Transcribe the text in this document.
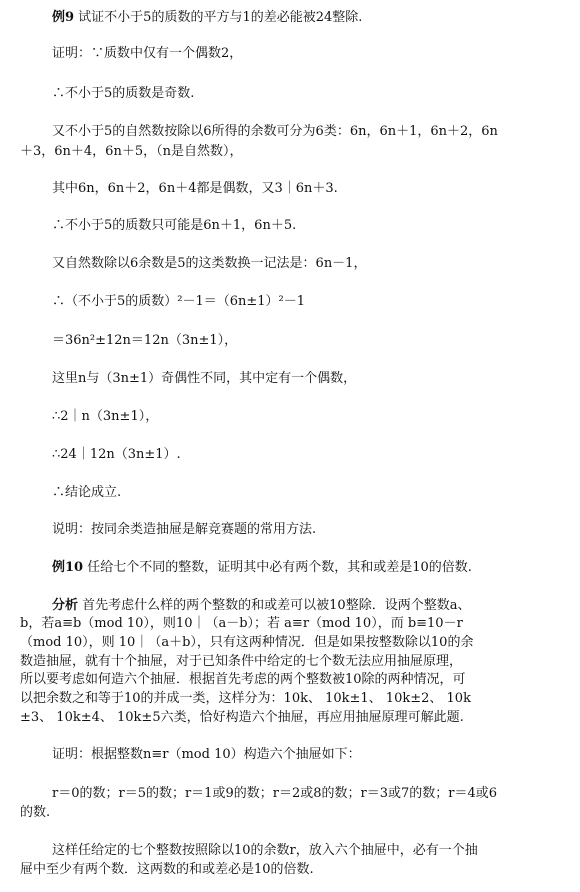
例9 试证不小于5的质数的平方与1的差必能被24整除.
证明：∵质数中仅有一个偶数2，
∴不小于5的质数是奇数.
又不小于5的自然数按除以6所得的余数可分为6类：6n，6n＋1，6n＋2，6n
＋3，6n＋4，6n＋5，（n是自然数），
其中6n，6n＋2，6n＋4都是偶数，又3｜6n＋3.
∴不小于5的质数只可能是6n＋1，6n＋5.
又自然数除以6余数是5的这类数换一记法是：6n－1，
∴（不小于5的质数）²－1＝（6n±1）²－1
＝36n²±12n＝12n（3n±1），
这里n与（3n±1）奇偶性不同，其中定有一个偶数，
∴2｜n（3n±1），
∴24｜12n（3n±1）.
∴结论成立.
说明：按同余类造抽屉是解竞赛题的常用方法.
例10 任给七个不同的整数，证明其中必有两个数，其和或差是10的倍数.
分析 首先考虑什么样的两个整数的和或差可以被10整除．设两个整数a、
b，若a≡b（mod 10），则10｜（a－b）；若 a≡r（mod 10），而 b≡10－r
（mod 10），则 10｜（a＋b），只有这两种情况．但是如果按整数除以10的余
数造抽屉，就有十个抽屉，对于已知条件中给定的七个数无法应用抽屉原理，
所以要考虑如何造六个抽屉．根据首先考虑的两个整数被10除的两种情况，可
以把余数之和等于10的并成一类，这样分为：10k、 10k±1、 10k±2、 10k
±3、 10k±4、 10k±5六类，恰好构造六个抽屉，再应用抽屉原理可解此题.
证明：根据整数n≡r（mod 10）构造六个抽屉如下：
r＝0的数；r＝5的数；r＝1或9的数；r＝2或8的数；r＝3或7的数；r＝4或6
的数.
这样任给定的七个整数按照除以10的余数r，放入六个抽屉中，必有一个抽
屉中至少有两个数．这两数的和或差必是10的倍数.
